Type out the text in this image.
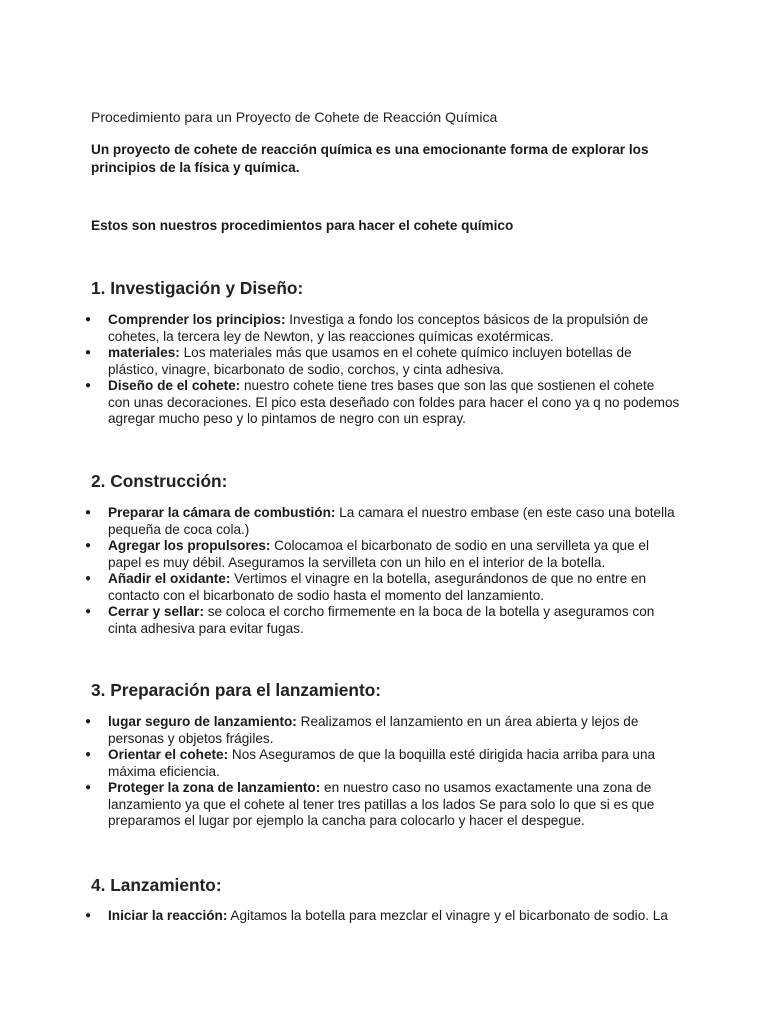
Procedimiento para un Proyecto de Cohete de Reacción Química
Un proyecto de cohete de reacción química es una emocionante forma de explorar los principios de la física y química.
Estos son nuestros procedimientos para hacer el cohete químico
1. Investigación y Diseño:
● Comprender los principios: Investiga a fondo los conceptos básicos de la propulsión de cohetes, la tercera ley de Newton, y las reacciones químicas exotérmicas.
● materiales: Los materiales más que usamos en el cohete químico incluyen botellas de plástico, vinagre, bicarbonato de sodio, corchos, y cinta adhesiva.
● Diseño de el cohete: nuestro cohete tiene tres bases que son las que sostienen el cohete con unas decoraciones. El pico esta deseñado con foldes para hacer el cono ya q no podemos agregar mucho peso y lo pintamos de negro con un espray.
2. Construcción:
● Preparar la cámara de combustión: La camara el nuestro embase (en este caso una botella pequeña de coca cola.)
● Agregar los propulsores: Colocamoa el bicarbonato de sodio en una servilleta ya que el papel es muy débil. Aseguramos la servilleta con un hilo en el interior de la botella.
● Añadir el oxidante: Vertimos el vinagre en la botella, asegurándonos de que no entre en contacto con el bicarbonato de sodio hasta el momento del lanzamiento.
● Cerrar y sellar: se coloca el corcho firmemente en la boca de la botella y aseguramos con cinta adhesiva para evitar fugas.
3. Preparación para el lanzamiento:
● lugar seguro de lanzamiento: Realizamos el lanzamiento en un área abierta y lejos de personas y objetos frágiles.
● Orientar el cohete: Nos Aseguramos de que la boquilla esté dirigida hacia arriba para una máxima eficiencia.
● Proteger la zona de lanzamiento: en nuestro caso no usamos exactamente una zona de lanzamiento ya que el cohete al tener tres patillas a los lados Se para solo lo que si es que preparamos el lugar por ejemplo la cancha para colocarlo y hacer el despegue.
4. Lanzamiento:
● Iniciar la reacción: Agitamos la botella para mezclar el vinagre y el bicarbonato de sodio. La
